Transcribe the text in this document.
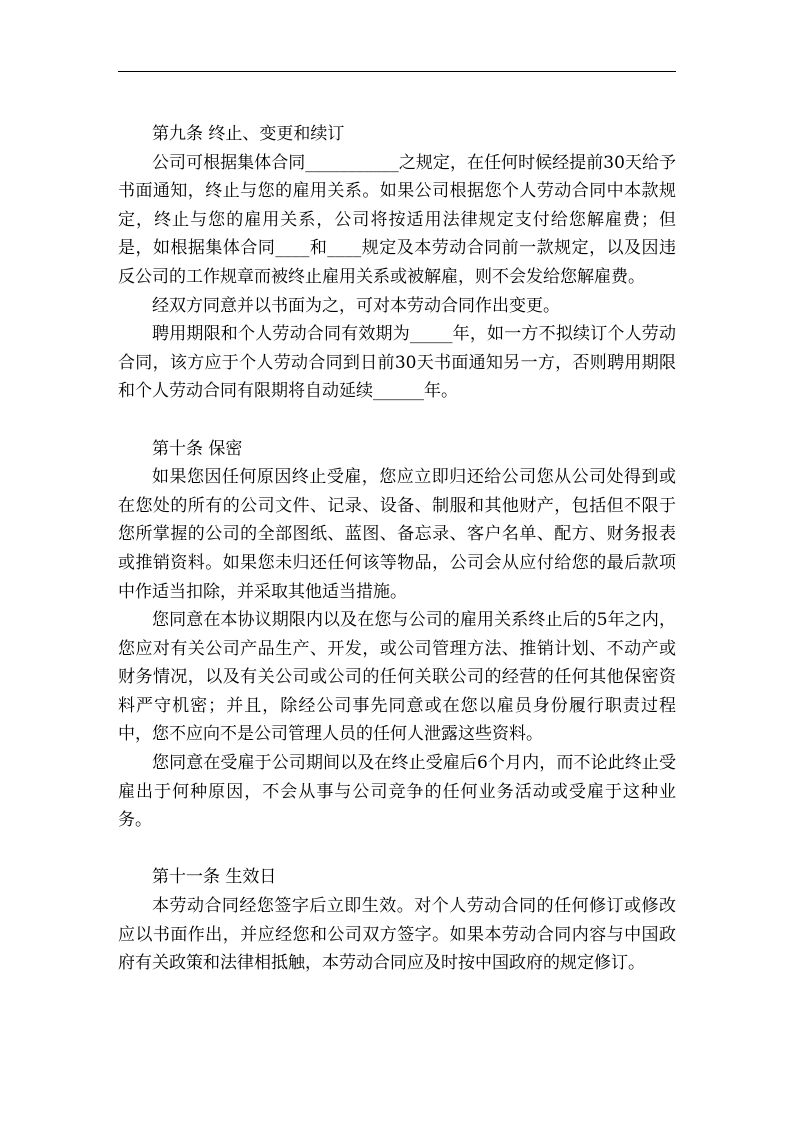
第九条 终止、变更和续订

公司可根据集体合同___________之规定，在任何时候经提前30天给予书面通知，终止与您的雇用关系。如果公司根据您个人劳动合同中本款规定，终止与您的雇用关系，公司将按适用法律规定支付给您解雇费；但是，如根据集体合同____和____规定及本劳动合同前一款规定，以及因违反公司的工作规章而被终止雇用关系或被解雇，则不会发给您解雇费。

经双方同意并以书面为之，可对本劳动合同作出变更。

聘用期限和个人劳动合同有效期为_____年，如一方不拟续订个人劳动合同，该方应于个人劳动合同到日前30天书面通知另一方，否则聘用期限和个人劳动合同有限期将自动延续______年。

第十条 保密

如果您因任何原因终止受雇，您应立即归还给公司您从公司处得到或在您处的所有的公司文件、记录、设备、制服和其他财产，包括但不限于您所掌握的公司的全部图纸、蓝图、备忘录、客户名单、配方、财务报表或推销资料。如果您未归还任何该等物品，公司会从应付给您的最后款项中作适当扣除，并采取其他适当措施。

您同意在本协议期限内以及在您与公司的雇用关系终止后的5年之内，您应对有关公司产品生产、开发，或公司管理方法、推销计划、不动产或财务情况，以及有关公司或公司的任何关联公司的经营的任何其他保密资料严守机密；并且，除经公司事先同意或在您以雇员身份履行职责过程中，您不应向不是公司管理人员的任何人泄露这些资料。

您同意在受雇于公司期间以及在终止受雇后6个月内，而不论此终止受雇出于何种原因，不会从事与公司竞争的任何业务活动或受雇于这种业务。

第十一条 生效日

本劳动合同经您签字后立即生效。对个人劳动合同的任何修订或修改应以书面作出，并应经您和公司双方签字。如果本劳动合同内容与中国政府有关政策和法律相抵触，本劳动合同应及时按中国政府的规定修订。
